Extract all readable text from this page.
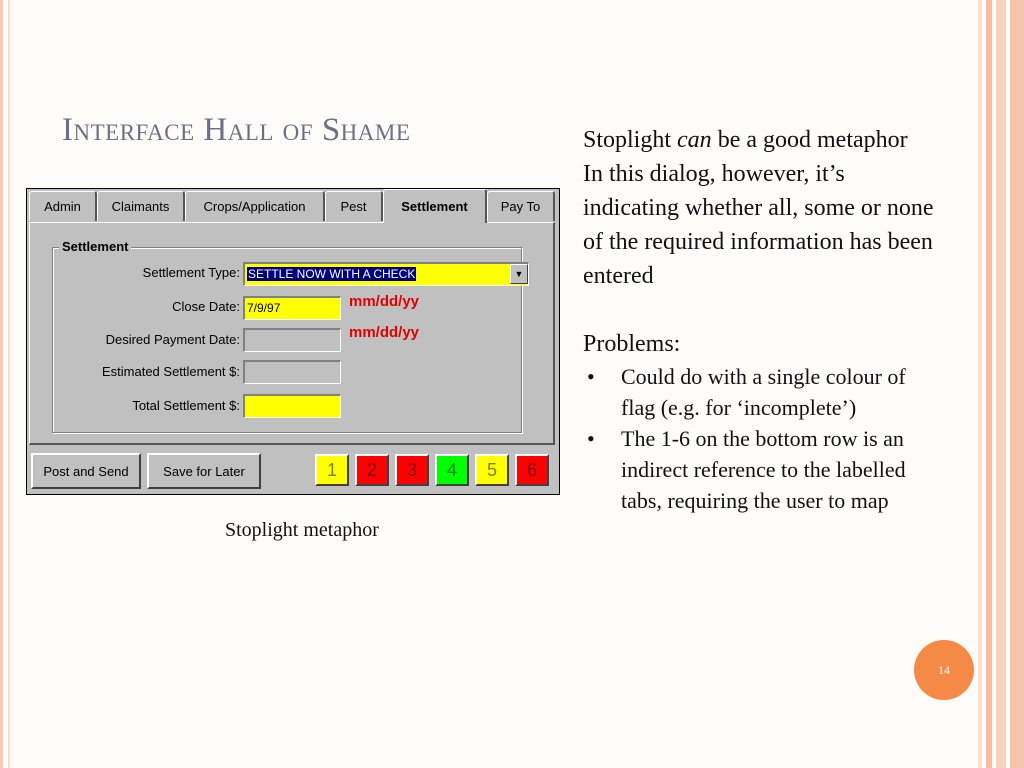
Interface Hall of Shame
Admin	Claimants	Crops/Application	Pest	Settlement	Pay To
Settlement
Settlement Type: SETTLE NOW WITH A CHECK	▼
Close Date: 7/9/97	mm/dd/yy
Desired Payment Date:	mm/dd/yy
Estimated Settlement $:
Total Settlement $:
Post and Send	Save for Later	1	2	3	4	5	6
Stoplight metaphor

Stoplight can be a good metaphor

In this dialog, however, it’s indicating whether all, some or none of the required information has been entered

Problems:

• Could do with a single colour of flag (e.g. for ‘incomplete’)
• The 1-6 on the bottom row is an indirect reference to the labelled tabs, requiring the user to map
14
